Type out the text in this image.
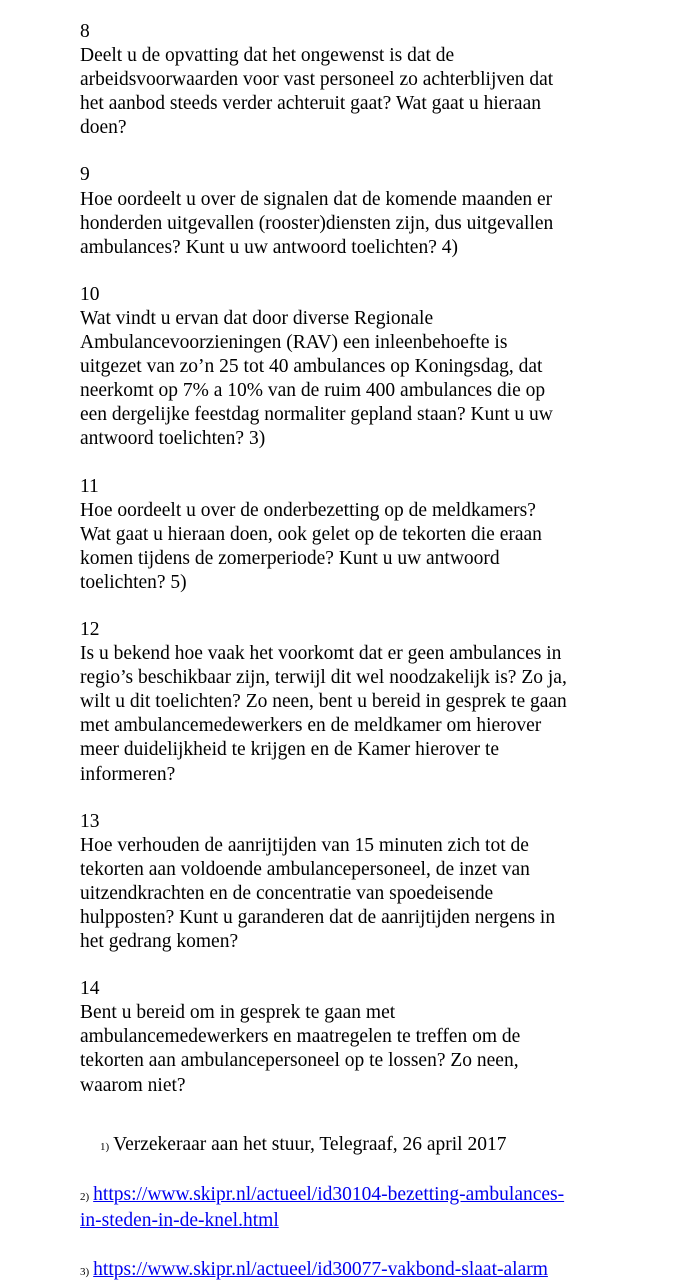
8
Deelt u de opvatting dat het ongewenst is dat de
arbeidsvoorwaarden voor vast personeel zo achterblijven dat
het aanbod steeds verder achteruit gaat? Wat gaat u hieraan
doen?
9
Hoe oordeelt u over de signalen dat de komende maanden er
honderden uitgevallen (rooster)diensten zijn, dus uitgevallen
ambulances? Kunt u uw antwoord toelichten? 4)
10
Wat vindt u ervan dat door diverse Regionale
Ambulancevoorzieningen (RAV) een inleenbehoefte is
uitgezet van zo’n 25 tot 40 ambulances op Koningsdag, dat
neerkomt op 7% a 10% van de ruim 400 ambulances die op
een dergelijke feestdag normaliter gepland staan? Kunt u uw
antwoord toelichten? 3)
11
Hoe oordeelt u over de onderbezetting op de meldkamers?
Wat gaat u hieraan doen, ook gelet op de tekorten die eraan
komen tijdens de zomerperiode? Kunt u uw antwoord
toelichten? 5)
12
Is u bekend hoe vaak het voorkomt dat er geen ambulances in
regio’s beschikbaar zijn, terwijl dit wel noodzakelijk is? Zo ja,
wilt u dit toelichten? Zo neen, bent u bereid in gesprek te gaan
met ambulancemedewerkers en de meldkamer om hierover
meer duidelijkheid te krijgen en de Kamer hierover te
informeren?
13
Hoe verhouden de aanrijtijden van 15 minuten zich tot de
tekorten aan voldoende ambulancepersoneel, de inzet van
uitzendkrachten en de concentratie van spoedeisende
hulpposten? Kunt u garanderen dat de aanrijtijden nergens in
het gedrang komen?
14
Bent u bereid om in gesprek te gaan met
ambulancemedewerkers en maatregelen te treffen om de
tekorten aan ambulancepersoneel op te lossen? Zo neen,
waarom niet?

1) Verzekeraar aan het stuur, Telegraaf, 26 april 2017

2) https://www.skipr.nl/actueel/id30104-bezetting-ambulances-
in-steden-in-de-knel.html

3) https://www.skipr.nl/actueel/id30077-vakbond-slaat-alarm
